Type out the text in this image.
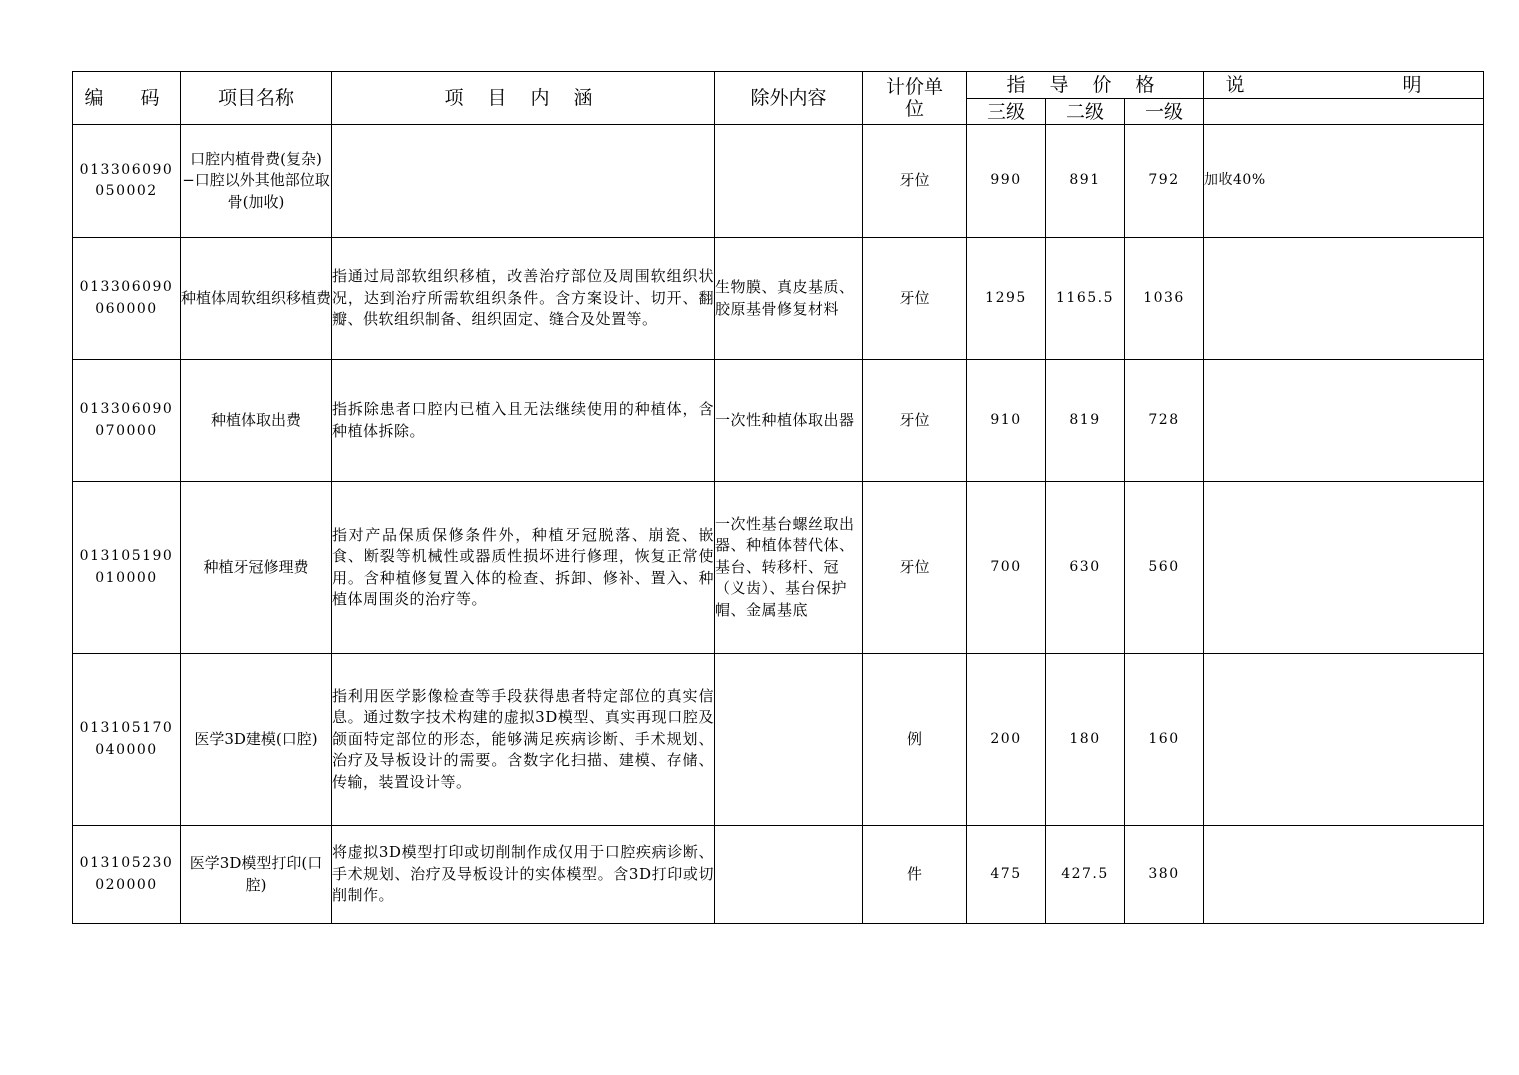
编　码	项目名称	项 目 内 涵	除外内容	计价单位	指 导 价 格			说　　明
					三级	二级	一级	
013306090050002	口腔内植骨费(复杂)−口腔以外其他部位取骨(加收)			牙位	990	891	792	加收40%
013306090060000	种植体周软组织移植费	指通过局部软组织移植，改善治疗部位及周围软组织状况，达到治疗所需软组织条件。含方案设计、切开、翻瓣、供软组织制备、组织固定、缝合及处置等。	生物膜、真皮基质、胶原基骨修复材料	牙位	1295	1165.5	1036	
013306090070000	种植体取出费	指拆除患者口腔内已植入且无法继续使用的种植体，含种植体拆除。	一次性种植体取出器	牙位	910	819	728	
013105190010000	种植牙冠修理费	指对产品保质保修条件外，种植牙冠脱落、崩瓷、嵌食、断裂等机械性或器质性损坏进行修理，恢复正常使用。含种植修复置入体的检查、拆卸、修补、置入、种植体周围炎的治疗等。	一次性基台螺丝取出器、种植体替代体、基台、转移杆、冠（义齿）、基台保护帽、金属基底	牙位	700	630	560	
013105170040000	医学3D建模(口腔)	指利用医学影像检查等手段获得患者特定部位的真实信息。通过数字技术构建的虚拟3D模型、真实再现口腔及颌面特定部位的形态，能够满足疾病诊断、手术规划、治疗及导板设计的需要。含数字化扫描、建模、存储、传输，装置设计等。		例	200	180	160	
013105230020000	医学3D模型打印(口腔)	将虚拟3D模型打印或切削制作成仅用于口腔疾病诊断、手术规划、治疗及导板设计的实体模型。含3D打印或切削制作。		件	475	427.5	380	
